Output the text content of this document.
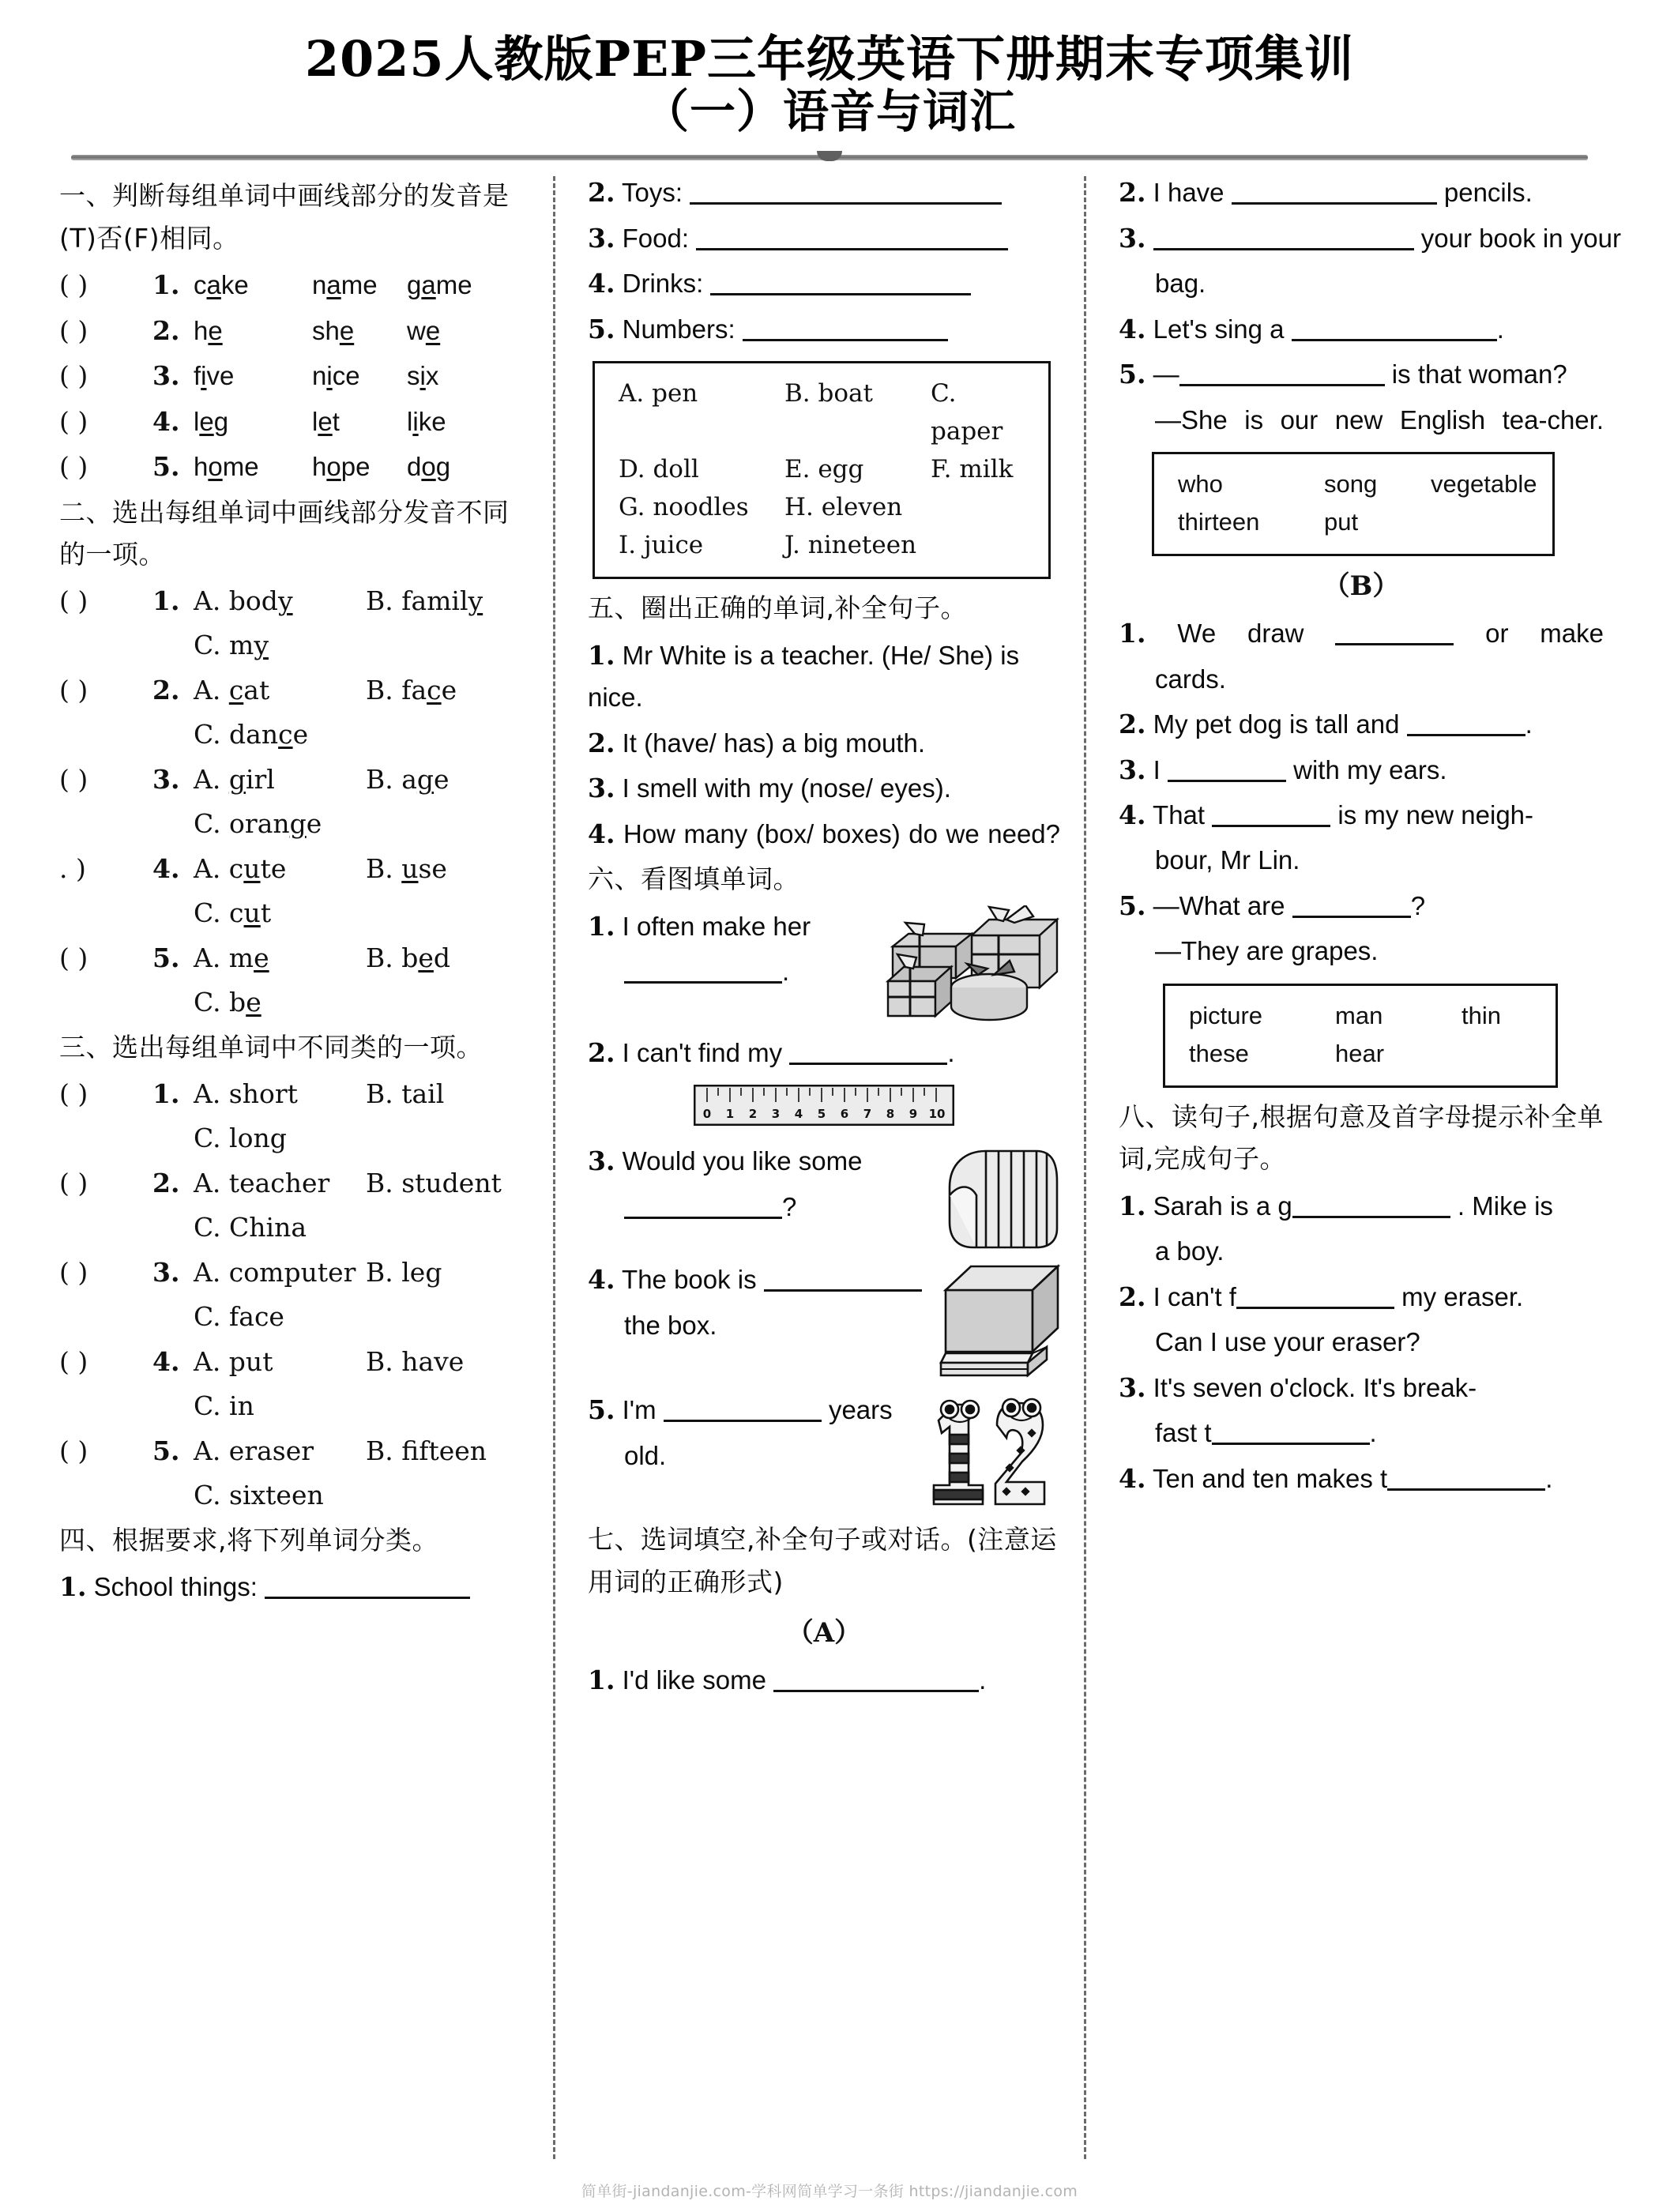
2025人教版PEP三年级英语下册期末专项集训
（一）语音与词汇
一、判断每组单词中画线部分的发音是(T)否(F)相同。
( )	1. cake	name	game
( )	2. he	she	we
( )	3. five	nice	six
( )	4. leg	let	like
( )	5. home	hope	dog
二、选出每组单词中画线部分发音不同的一项。
( )	1. A. body	B. family
C. my
( )	2. A. cat	B. face
C. dance
( )	3. A. girl	B. age
C. orange
. )	4. A. cute	B. use
C. cut
( )	5. A. me	B. bed
C. be
三、选出每组单词中不同类的一项。
( )	1. A. short	B. tail
C. long
( )	2. A. teacher	B. student
C. China
( )	3. A. computer B. leg
C. face
( )	4. A. put	B. have
C. in
( )	5. A. eraser	B. fifteen
C. sixteen
四、根据要求,将下列单词分类。
1. School things:
2. Toys:
3. Food:
4. Drinks:
5. Numbers:
A. pen	B. boat	C. paper
D. doll	E. egg	F. milk
G. noodles	H. eleven
I. juice	J. nineteen
五、圈出正确的单词,补全句子。
1. Mr White is a teacher. (He/ She) is nice.
2. It (have/ has) a big mouth.
3. I smell with my (nose/ eyes).
4. How many (box/ boxes) do we need?
六、看图填单词。
1. I often make her
.
2. I can't find my	.
0 1 2 3 4 5 6 7 8 9 10
3. Would you like some
?
4. The book is
the box.
5. I'm	years
old.
七、选词填空,补全句子或对话。(注意运用词的正确形式)
（A）
1. I'd like some	.
2. I have	pencils.
3.	your book in your
bag.
4. Let's sing a	.
5. —	is that woman?
—She is our new English tea-cher.
who	song	vegetable
thirteen	put
（B）
1. We draw	or make
cards.
2. My pet dog is tall and	.
3. I	with my ears.
4. That	is my new neigh-
bour, Mr Lin.
5. —What are	?
—They are grapes.
picture	man	thin
these	hear
八、读句子,根据句意及首字母提示补全单词,完成句子。
1. Sarah is a g	. Mike is
a boy.
2. I can't f	my eraser.
Can I use your eraser?
3. It's seven o'clock. It's break-
fast t	.
4. Ten and ten makes t	.
简单街-jiandanjie.com-学科网简单学习一条街 https://jiandanjie.com
